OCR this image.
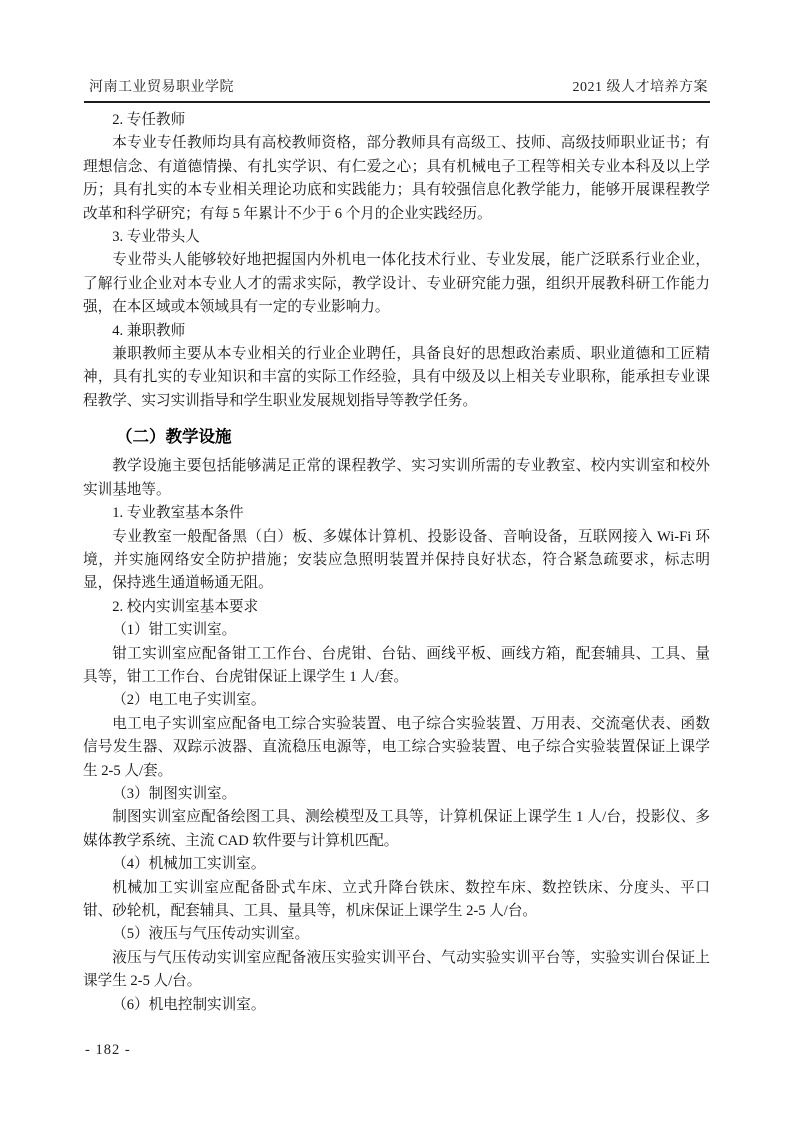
河南工业贸易职业学院	2021 级人才培养方案

2. 专任教师

本专业专任教师均具有高校教师资格，部分教师具有高级工、技师、高级技师职业证书；有理想信念、有道德情操、有扎实学识、有仁爱之心；具有机械电子工程等相关专业本科及以上学历；具有扎实的本专业相关理论功底和实践能力；具有较强信息化教学能力，能够开展课程教学改革和科学研究；有每 5 年累计不少于 6 个月的企业实践经历。

3. 专业带头人

专业带头人能够较好地把握国内外机电一体化技术行业、专业发展，能广泛联系行业企业，了解行业企业对本专业人才的需求实际，教学设计、专业研究能力强，组织开展教科研工作能力强，在本区域或本领域具有一定的专业影响力。

4. 兼职教师

兼职教师主要从本专业相关的行业企业聘任，具备良好的思想政治素质、职业道德和工匠精神，具有扎实的专业知识和丰富的实际工作经验，具有中级及以上相关专业职称，能承担专业课程教学、实习实训指导和学生职业发展规划指导等教学任务。

（二）教学设施

教学设施主要包括能够满足正常的课程教学、实习实训所需的专业教室、校内实训室和校外实训基地等。

1. 专业教室基本条件

专业教室一般配备黑（白）板、多媒体计算机、投影设备、音响设备，互联网接入 Wi-Fi 环境，并实施网络安全防护措施；安装应急照明装置并保持良好状态，符合紧急疏要求，标志明显，保持逃生通道畅通无阻。

2. 校内实训室基本要求

（1）钳工实训室。

钳工实训室应配备钳工工作台、台虎钳、台钻、画线平板、画线方箱，配套辅具、工具、量具等，钳工工作台、台虎钳保证上课学生 1 人/套。

（2）电工电子实训室。

电工电子实训室应配备电工综合实验装置、电子综合实验装置、万用表、交流毫伏表、函数信号发生器、双踪示波器、直流稳压电源等，电工综合实验装置、电子综合实验装置保证上课学生 2-5 人/套。

（3）制图实训室。

制图实训室应配备绘图工具、测绘模型及工具等，计算机保证上课学生 1 人/台，投影仪、多媒体教学系统、主流 CAD 软件要与计算机匹配。

（4）机械加工实训室。

机械加工实训室应配备卧式车床、立式升降台铁床、数控车床、数控铁床、分度头、平口钳、砂轮机，配套辅具、工具、量具等，机床保证上课学生 2-5 人/台。

（5）液压与气压传动实训室。

液压与气压传动实训室应配备液压实验实训平台、气动实验实训平台等，实验实训台保证上课学生 2-5 人/台。

（6）机电控制实训室。

- 182 -
